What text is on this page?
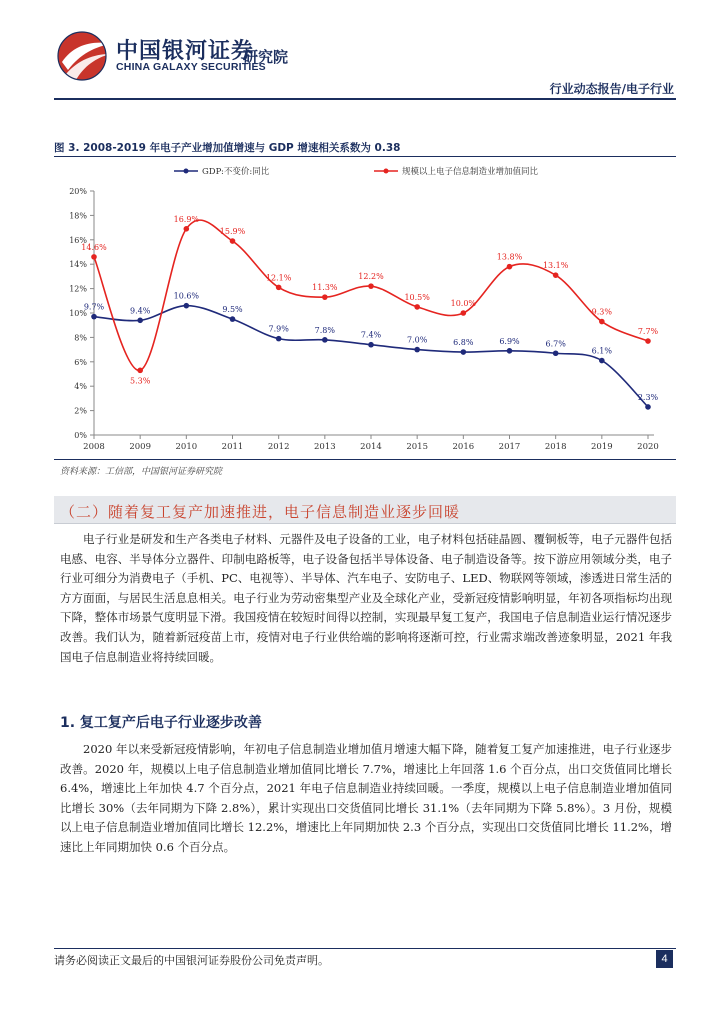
中国银河证券
CHINA GALAXY SECURITIES
研究院
行业动态报告/电子行业
图 3. 2008-2019 年电子产业增加值增速与 GDP 增速相关系数为 0.38
GDP:不变价:同比	规模以上电子信息制造业增加值同比
0%
2%
4%
6%
8%
10%
12%
14%
16%
18%
20%
2008	2009	2010	2011	2012	2013	2014	2015	2016	2017	2018	2019	2020
9.7%	9.4%
10.6%
9.5%
7.9%	7.8%
7.4%
7.0%	6.8%	6.9%	6.7%
6.1%
2.3%
14.6%
5.3%
16.9%
15.9%
12.1%
11.3%
12.2%
10.5%
10.0%
13.8%
13.1%
9.3%
7.7%
资料来源：工信部，中国银河证券研究院
（二）随着复工复产加速推进，电子信息制造业逐步回暖
电子行业是研发和生产各类电子材料、元器件及电子设备的工业，电子材料包括硅晶圆、覆铜板等，电子元器件包括电感、电容、半导体分立器件、印制电路板等，电子设备包括半导体设备、电子制造设备等。按下游应用领域分类，电子行业可细分为消费电子（手机、PC、电视等）、半导体、汽车电子、安防电子、LED、物联网等领域，渗透进日常生活的方方面面，与居民生活息息相关。电子行业为劳动密集型产业及全球化产业，受新冠疫情影响明显，年初各项指标均出现下降，整体市场景气度明显下滑。我国疫情在较短时间得以控制，实现最早复工复产，我国电子信息制造业运行情况逐步改善。我们认为，随着新冠疫苗上市，疫情对电子行业供给端的影响将逐渐可控，行业需求端改善迹象明显，2021 年我国电子信息制造业将持续回暖。
1. 复工复产后电子行业逐步改善
2020 年以来受新冠疫情影响，年初电子信息制造业增加值月增速大幅下降，随着复工复产加速推进，电子行业逐步改善。2020 年，规模以上电子信息制造业增加值同比增长 7.7%，增速比上年回落 1.6 个百分点，出口交货值同比增长 6.4%，增速比上年加快 4.7 个百分点，2021 年电子信息制造业持续回暖。一季度，规模以上电子信息制造业增加值同比增长 30%（去年同期为下降 2.8%），累计实现出口交货值同比增长 31.1%（去年同期为下降 5.8%）。3 月份，规模以上电子信息制造业增加值同比增长 12.2%，增速比上年同期加快 2.3 个百分点，实现出口交货值同比增长 11.2%，增速比上年同期加快 0.6 个百分点。
请务必阅读正文最后的中国银河证券股份公司免责声明。	4
